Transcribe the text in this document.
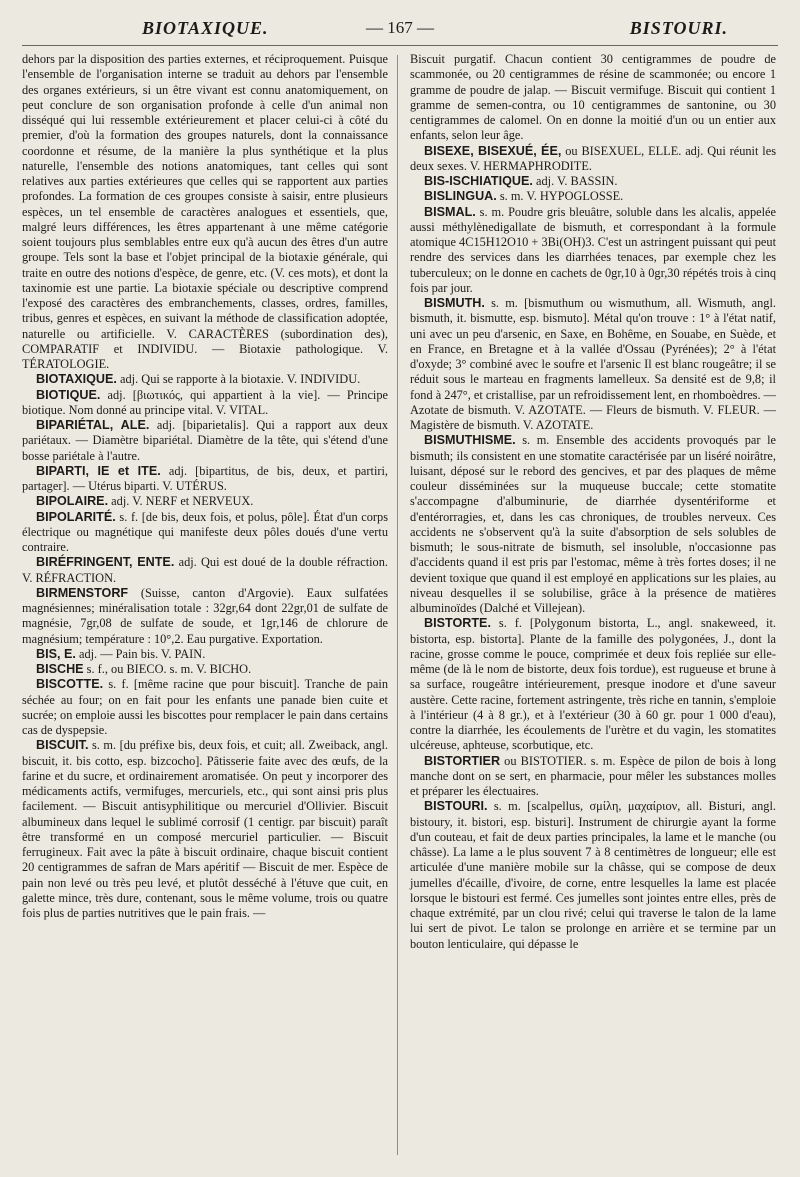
BIOTAXIQUE.	— 167 —	BISTOURI.

dehors par la disposition des parties externes, et réciproquement. Puisque l'ensemble de l'organisation interne se traduit au dehors par l'ensemble des organes extérieurs, si un être vivant est connu anatomiquement, on peut conclure de son organisation profonde à celle d'un animal non disséqué qui lui ressemble extérieurement et placer celui-ci à côté du premier, d'où la formation des groupes naturels, dont la connaissance coordonne et résume, de la manière la plus synthétique et la plus naturelle, l'ensemble des notions anatomiques, tant celles qui sont relatives aux parties extérieures que celles qui se rapportent aux parties profondes. La formation de ces groupes consiste à saisir, entre plusieurs espèces, un tel ensemble de caractères analogues et essentiels, que, malgré leurs différences, les êtres appartenant à une même catégorie soient toujours plus semblables entre eux qu'à aucun des êtres d'un autre groupe. Tels sont la base et l'objet principal de la biotaxie générale, qui traite en outre des notions d'espèce, de genre, etc. (V. ces mots), et dont la taxinomie est une partie. La biotaxie spéciale ou descriptive comprend l'exposé des caractères des embranchements, classes, ordres, familles, tribus, genres et espèces, en suivant la méthode de classification adoptée, naturelle ou artificielle. V. CARACTÈRES (subordination des), COMPARATIF et INDIVIDU. — Biotaxie pathologique. V. TÉRATOLOGIE.

BIOTAXIQUE. adj. Qui se rapporte à la biotaxie. V. INDIVIDU.

BIOTIQUE. adj. [βιωτικός, qui appartient à la vie]. — Principe biotique. Nom donné au principe vital. V. VITAL.

BIPARIÉTAL, ALE. adj. [biparietalis]. Qui a rapport aux deux pariétaux. — Diamètre bipariétal. Diamètre de la tête, qui s'étend d'une bosse pariétale à l'autre.

BIPARTI, IE et ITE. adj. [bipartitus, de bis, deux, et partiri, partager]. — Utérus biparti. V. UTÉRUS.

BIPOLAIRE. adj. V. NERF et NERVEUX.

BIPOLARITÉ. s. f. [de bis, deux fois, et polus, pôle]. État d'un corps électrique ou magnétique qui manifeste deux pôles doués d'une vertu contraire.

BIRÉFRINGENT, ENTE. adj. Qui est doué de la double réfraction. V. RÉFRACTION.

BIRMENSTORF (Suisse, canton d'Argovie). Eaux sulfatées magnésiennes; minéralisation totale : 32gr,64 dont 22gr,01 de sulfate de magnésie, 7gr,08 de sulfate de soude, et 1gr,146 de chlorure de magnésium; température : 10°,2. Eau purgative. Exportation.

BIS, E. adj. — Pain bis. V. PAIN.

BISCHE s. f., ou BIECO. s. m. V. BICHO.

BISCOTTE. s. f. [même racine que pour biscuit]. Tranche de pain séchée au four; on en fait pour les enfants une panade bien cuite et sucrée; on emploie aussi les biscottes pour remplacer le pain dans certains cas de dyspepsie.

BISCUIT. s. m. [du préfixe bis, deux fois, et cuit; all. Zweiback, angl. biscuit, it. bis cotto, esp. bizcocho]. Pâtisserie faite avec des œufs, de la farine et du sucre, et ordinairement aromatisée. On peut y incorporer des médicaments actifs, vermifuges, mercuriels, etc., qui sont ainsi pris plus facilement. — Biscuit antisyphilitique ou mercuriel d'Ollivier. Biscuit albumineux dans lequel le sublimé corrosif (1 centigr. par biscuit) paraît être transformé en un composé mercuriel particulier. — Biscuit ferrugineux. Fait avec la pâte à biscuit ordinaire, chaque biscuit contient 20 centigrammes de safran de Mars apéritif — Biscuit de mer. Espèce de pain non levé ou très peu levé, et plutôt desséché à l'étuve que cuit, en galette mince, très dure, contenant, sous le même volume, trois ou quatre fois plus de parties nutritives que le pain frais. —

Biscuit purgatif. Chacun contient 30 centigrammes de poudre de scammonée, ou 20 centigrammes de résine de scammonée; ou encore 1 gramme de poudre de jalap. — Biscuit vermifuge. Biscuit qui contient 1 gramme de semen-contra, ou 10 centigrammes de santonine, ou 30 centigrammes de calomel. On en donne la moitié d'un ou un entier aux enfants, selon leur âge.

BISEXE, BISEXUÉ, ÉE, ou BISEXUEL, ELLE. adj. Qui réunit les deux sexes. V. HERMAPHRODITE.

BIS-ISCHIATIQUE. adj. V. BASSIN.

BISLINGUA. s. m. V. HYPOGLOSSE.

BISMAL. s. m. Poudre gris bleuâtre, soluble dans les alcalis, appelée aussi méthylènedigallate de bismuth, et correspondant à la formule atomique 4C15H12O10 + 3Bi(OH)3. C'est un astringent puissant qui peut rendre des services dans les diarrhées tenaces, par exemple chez les tuberculeux; on le donne en cachets de 0gr,10 à 0gr,30 répétés trois à cinq fois par jour.

BISMUTH. s. m. [bismuthum ou wismuthum, all. Wismuth, angl. bismuth, it. bismutte, esp. bismuto]. Métal qu'on trouve : 1° à l'état natif, uni avec un peu d'arsenic, en Saxe, en Bohême, en Souabe, en Suède, et en France, en Bretagne et à la vallée d'Ossau (Pyrénées); 2° à l'état d'oxyde; 3° combiné avec le soufre et l'arsenic Il est blanc rougeâtre; il se réduit sous le marteau en fragments lamelleux. Sa densité est de 9,8; il fond à 247°, et cristallise, par un refroidissement lent, en rhomboèdres. — Azotate de bismuth. V. AZOTATE. — Fleurs de bismuth. V. FLEUR. — Magistère de bismuth. V. AZOTATE.

BISMUTHISME. s. m. Ensemble des accidents provoqués par le bismuth; ils consistent en une stomatite caractérisée par un liséré noirâtre, luisant, déposé sur le rebord des gencives, et par des plaques de même couleur disséminées sur la muqueuse buccale; cette stomatite s'accompagne d'albuminurie, de diarrhée dysentériforme et d'entérorragies, et, dans les cas chroniques, de troubles nerveux. Ces accidents ne s'observent qu'à la suite d'absorption de sels solubles de bismuth; le sous-nitrate de bismuth, sel insoluble, n'occasionne pas d'accidents quand il est pris par l'estomac, même à très fortes doses; il ne devient toxique que quand il est employé en applications sur les plaies, au niveau desquelles il se solubilise, grâce à la présence de matières albuminoïdes (Dalché et Villejean).

BISTORTE. s. f. [Polygonum bistorta, L., angl. snakeweed, it. bistorta, esp. bistorta]. Plante de la famille des polygonées, J., dont la racine, grosse comme le pouce, comprimée et deux fois repliée sur elle-même (de là le nom de bistorte, deux fois tordue), est rugueuse et brune à sa surface, rougeâtre intérieurement, presque inodore et d'une saveur austère. Cette racine, fortement astringente, très riche en tannin, s'emploie à l'intérieur (4 à 8 gr.), et à l'extérieur (30 à 60 gr. pour 1 000 d'eau), contre la diarrhée, les écoulements de l'urètre et du vagin, les stomatites ulcéreuse, aphteuse, scorbutique, etc.

BISTORTIER ou BISTOTIER. s. m. Espèce de pilon de bois à long manche dont on se sert, en pharmacie, pour mêler les substances molles et préparer les électuaires.

BISTOURI. s. m. [scalpellus, σμίλη, μαχαίριον, all. Bisturi, angl. bistoury, it. bistori, esp. bisturi]. Instrument de chirurgie ayant la forme d'un couteau, et fait de deux parties principales, la lame et le manche (ou châsse). La lame a le plus souvent 7 à 8 centimètres de longueur; elle est articulée d'une manière mobile sur la châsse, qui se compose de deux jumelles d'écaille, d'ivoire, de corne, entre lesquelles la lame est placée lorsque le bistouri est fermé. Ces jumelles sont jointes entre elles, près de chaque extrémité, par un clou rivé; celui qui traverse le talon de la lame lui sert de pivot. Le talon se prolonge en arrière et se termine par un bouton lenticulaire, qui dépasse le
